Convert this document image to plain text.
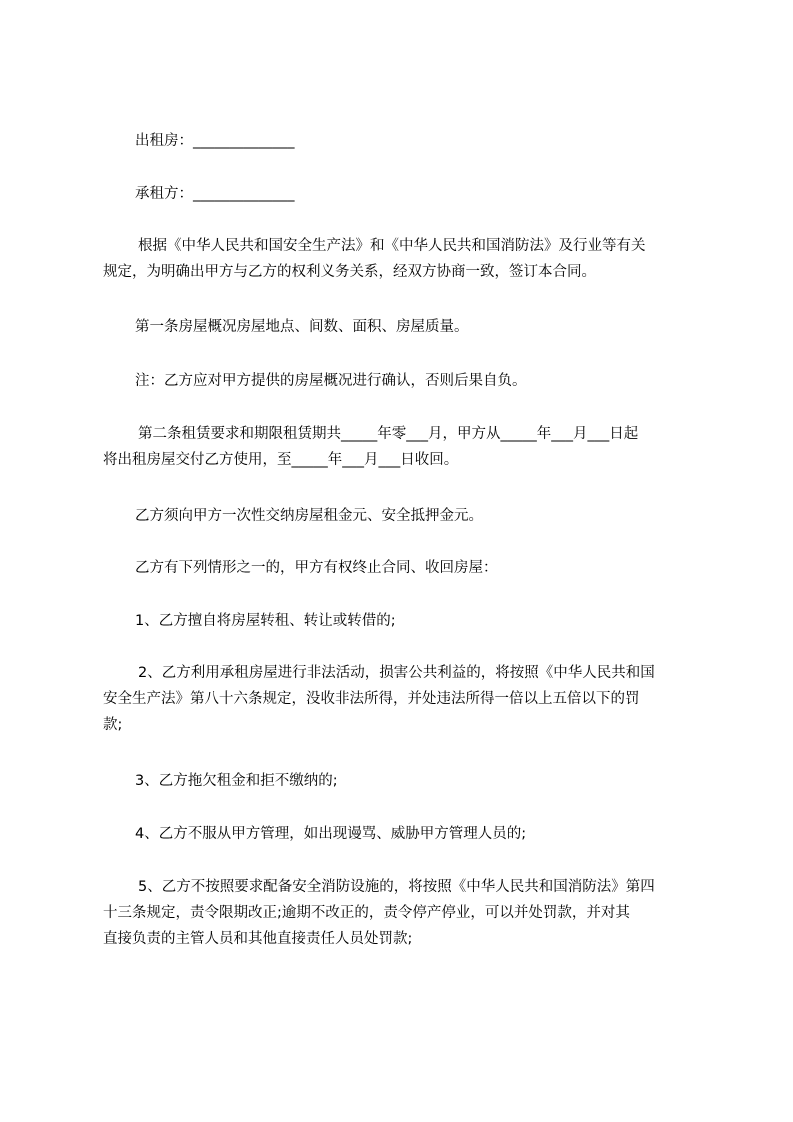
出租房：______________
承租方：______________
根据《中华人民共和国安全生产法》和《中华人民共和国消防法》及行业等有关
规定，为明确出甲方与乙方的权利义务关系，经双方协商一致，签订本合同。
第一条房屋概况房屋地点、间数、面积、房屋质量。
注：乙方应对甲方提供的房屋概况进行确认，否则后果自负。
第二条租赁要求和期限租赁期共_____年零___月，甲方从_____年___月___日起
将出租房屋交付乙方使用，至_____年___月___日收回。
乙方须向甲方一次性交纳房屋租金元、安全抵押金元。
乙方有下列情形之一的，甲方有权终止合同、收回房屋：
1、乙方擅自将房屋转租、转让或转借的;
2、乙方利用承租房屋进行非法活动，损害公共利益的，将按照《中华人民共和国
安全生产法》第八十六条规定，没收非法所得，并处违法所得一倍以上五倍以下的罚
款;
3、乙方拖欠租金和拒不缴纳的;
4、乙方不服从甲方管理，如出现谩骂、威胁甲方管理人员的;
5、乙方不按照要求配备安全消防设施的，将按照《中华人民共和国消防法》第四
十三条规定，责令限期改正;逾期不改正的，责令停产停业，可以并处罚款，并对其
直接负责的主管人员和其他直接责任人员处罚款;
